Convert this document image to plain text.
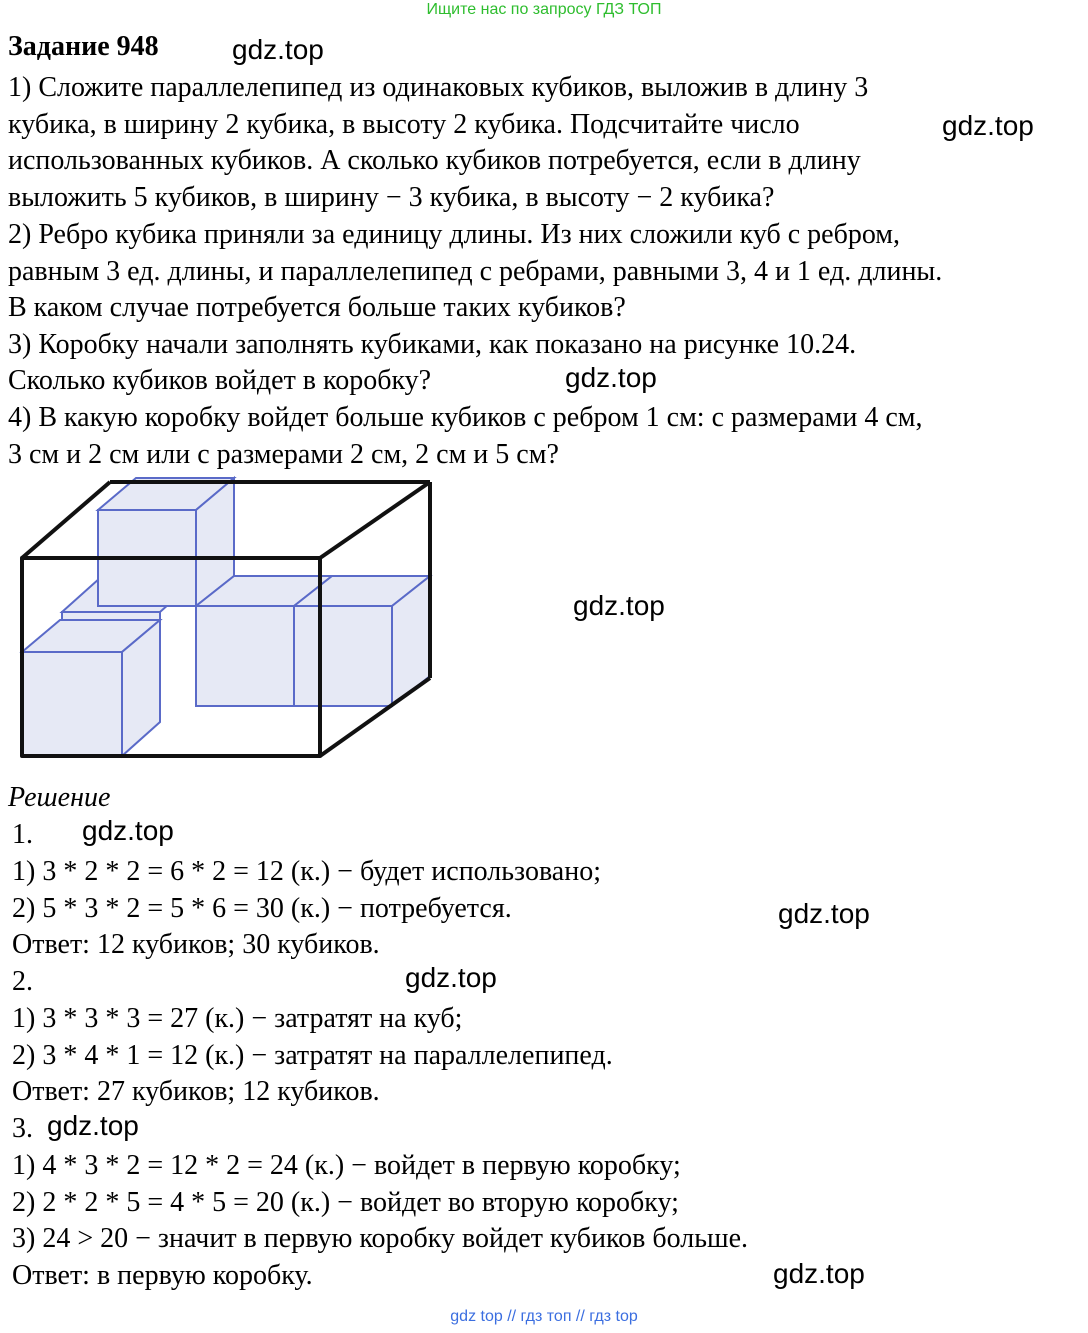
Ищите нас по запросу ГДЗ ТОП
Задание 948
1) Сложите параллелепипед из одинаковых кубиков, выложив в длину 3
кубика, в ширину 2 кубика, в высоту 2 кубика. Подсчитайте число
использованных кубиков. А сколько кубиков потребуется, если в длину
выложить 5 кубиков, в ширину − 3 кубика, в высоту − 2 кубика?
2) Ребро кубика приняли за единицу длины. Из них сложили куб с ребром,
равным 3 ед. длины, и параллелепипед с ребрами, равными 3, 4 и 1 ед. длины.
В каком случае потребуется больше таких кубиков?
3) Коробку начали заполнять кубиками, как показано на рисунке 10.24.
Сколько кубиков войдет в коробку?
4) В какую коробку войдет больше кубиков с ребром 1 см: с размерами 4 см,
3 см и 2 см или с размерами 2 см, 2 см и 5 см?
gdz.top
gdz.top
gdz.top
gdz.top
gdz.top
gdz.top
gdz.top
gdz.top
gdz.top
Решение
1.
1) 3 * 2 * 2 = 6 * 2 = 12 (к.) − будет использовано;
2) 5 * 3 * 2 = 5 * 6 = 30 (к.) − потребуется.
Ответ: 12 кубиков; 30 кубиков.
2.
1) 3 * 3 * 3 = 27 (к.) − затратят на куб;
2) 3 * 4 * 1 = 12 (к.) − затратят на параллелепипед.
Ответ: 27 кубиков; 12 кубиков.
3.
1) 4 * 3 * 2 = 12 * 2 = 24 (к.) − войдет в первую коробку;
2) 2 * 2 * 5 = 4 * 5 = 20 (к.) − войдет во вторую коробку;
3) 24 > 20 − значит в первую коробку войдет кубиков больше.
Ответ: в первую коробку.
gdz top // гдз топ // гдз top
